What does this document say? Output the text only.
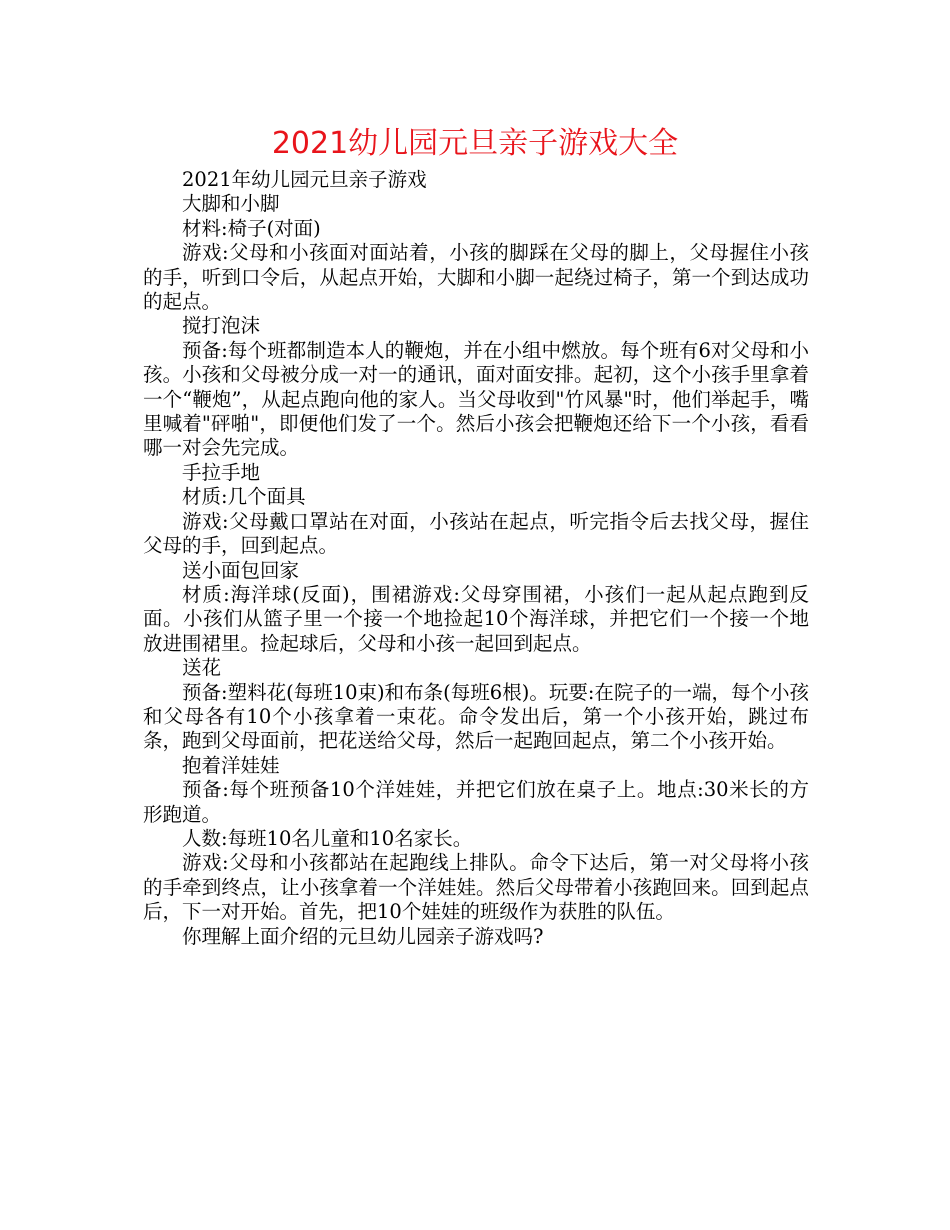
2021幼儿园元旦亲子游戏大全

2021年幼儿园元旦亲子游戏

大脚和小脚

材料:椅子(对面)

游戏:父母和小孩面对面站着，小孩的脚踩在父母的脚上，父母握住小孩的手，听到口令后，从起点开始，大脚和小脚一起绕过椅子，第一个到达成功的起点。

搅打泡沫

预备:每个班都制造本人的鞭炮，并在小组中燃放。每个班有6对父母和小孩。小孩和父母被分成一对一的通讯，面对面安排。起初，这个小孩手里拿着一个“鞭炮”，从起点跑向他的家人。当父母收到"竹风暴"时，他们举起手，嘴里喊着"砰啪"，即便他们发了一个。然后小孩会把鞭炮还给下一个小孩，看看哪一对会先完成。

手拉手地

材质:几个面具

游戏:父母戴口罩站在对面，小孩站在起点，听完指令后去找父母，握住父母的手，回到起点。

送小面包回家

材质:海洋球(反面)，围裙游戏:父母穿围裙，小孩们一起从起点跑到反面。小孩们从篮子里一个接一个地捡起10个海洋球，并把它们一个接一个地放进围裙里。捡起球后，父母和小孩一起回到起点。

送花

预备:塑料花(每班10束)和布条(每班6根)。玩要:在院子的一端，每个小孩和父母各有10个小孩拿着一束花。命令发出后，第一个小孩开始，跳过布条，跑到父母面前，把花送给父母，然后一起跑回起点，第二个小孩开始。

抱着洋娃娃

预备:每个班预备10个洋娃娃，并把它们放在桌子上。地点:30米长的方形跑道。

人数:每班10名儿童和10名家长。

游戏:父母和小孩都站在起跑线上排队。命令下达后，第一对父母将小孩的手牵到终点，让小孩拿着一个洋娃娃。然后父母带着小孩跑回来。回到起点后，下一对开始。首先，把10个娃娃的班级作为获胜的队伍。

你理解上面介绍的元旦幼儿园亲子游戏吗?
